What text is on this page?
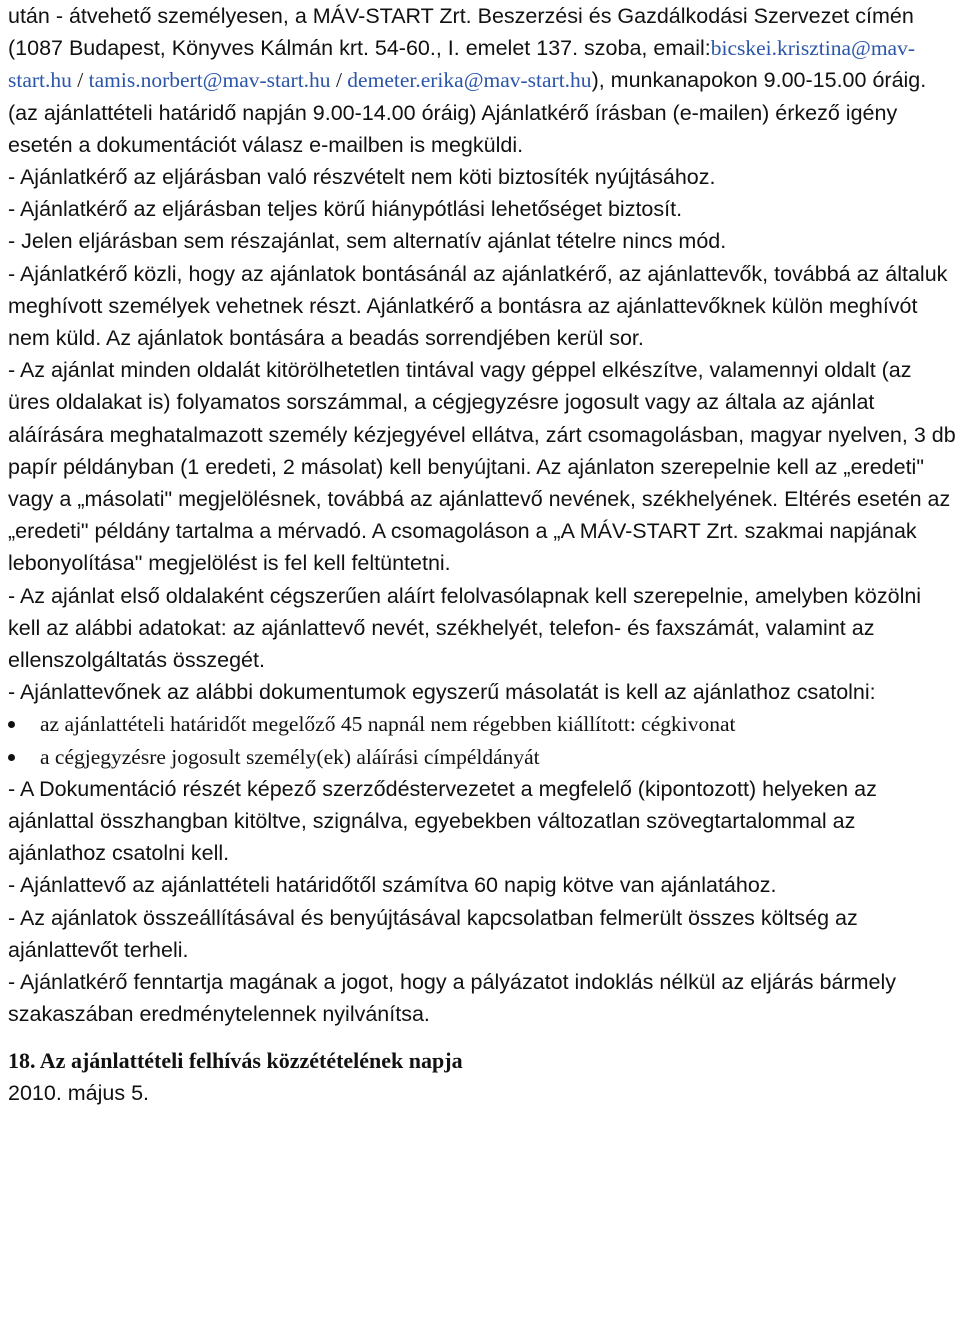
után - átvehető személyesen, a MÁV-START Zrt. Beszerzési és Gazdálkodási Szervezet címén (1087 Budapest, Könyves Kálmán krt. 54-60., I. emelet 137. szoba, email:bicskei.krisztina@mav-start.hu / tamis.norbert@mav-start.hu / demeter.erika@mav-start.hu), munkanapokon 9.00-15.00 óráig. (az ajánlattételi határidő napján 9.00-14.00 óráig) Ajánlatkérő írásban (e-mailen) érkező igény esetén a dokumentációt válasz e-mailben is megküldi.

- Ajánlatkérő az eljárásban való részvételt nem köti biztosíték nyújtásához.

- Ajánlatkérő az eljárásban teljes körű hiánypótlási lehetőséget biztosít.

- Jelen eljárásban sem részajánlat, sem alternatív ajánlat tételre nincs mód.

- Ajánlatkérő közli, hogy az ajánlatok bontásánál az ajánlatkérő, az ajánlattevők, továbbá az általuk meghívott személyek vehetnek részt. Ajánlatkérő a bontásra az ajánlattevőknek külön meghívót nem küld. Az ajánlatok bontására a beadás sorrendjében kerül sor.

- Az ajánlat minden oldalát kitörölhetetlen tintával vagy géppel elkészítve, valamennyi oldalt (az üres oldalakat is) folyamatos sorszámmal, a cégjegyzésre jogosult vagy az általa az ajánlat aláírására meghatalmazott személy kézjegyével ellátva, zárt csomagolásban, magyar nyelven, 3 db papír példányban (1 eredeti, 2 másolat) kell benyújtani. Az ajánlaton szerepelnie kell az „eredeti" vagy a „másolati" megjelölésnek, továbbá az ajánlattevő nevének, székhelyének. Eltérés esetén az „eredeti" példány tartalma a mérvadó. A csomagoláson a „A MÁV-START Zrt. szakmai napjának lebonyolítása" megjelölést is fel kell feltüntetni.

- Az ajánlat első oldalaként cégszerűen aláírt felolvasólapnak kell szerepelnie, amelyben közölni kell az alábbi adatokat: az ajánlattevő nevét, székhelyét, telefon- és faxszámát, valamint az ellenszolgáltatás összegét.

- Ajánlattevőnek az alábbi dokumentumok egyszerű másolatát is kell az ajánlathoz csatolni:

az ajánlattételi határidőt megelőző 45 napnál nem régebben kiállított: cégkivonat
a cégjegyzésre jogosult személy(ek) aláírási címpéldányát

- A Dokumentáció részét képező szerződéstervezetet a megfelelő (kipontozott) helyeken az ajánlattal összhangban kitöltve, szignálva, egyebekben változatlan szövegtartalommal az ajánlathoz csatolni kell.

- Ajánlattevő az ajánlattételi határidőtől számítva 60 napig kötve van ajánlatához.

- Az ajánlatok összeállításával és benyújtásával kapcsolatban felmerült összes költség az ajánlattevőt terheli.

- Ajánlatkérő fenntartja magának a jogot, hogy a pályázatot indoklás nélkül az eljárás bármely szakaszában eredménytelennek nyilvánítsa.

18. Az ajánlattételi felhívás közzétételének napja

2010. május 5.
